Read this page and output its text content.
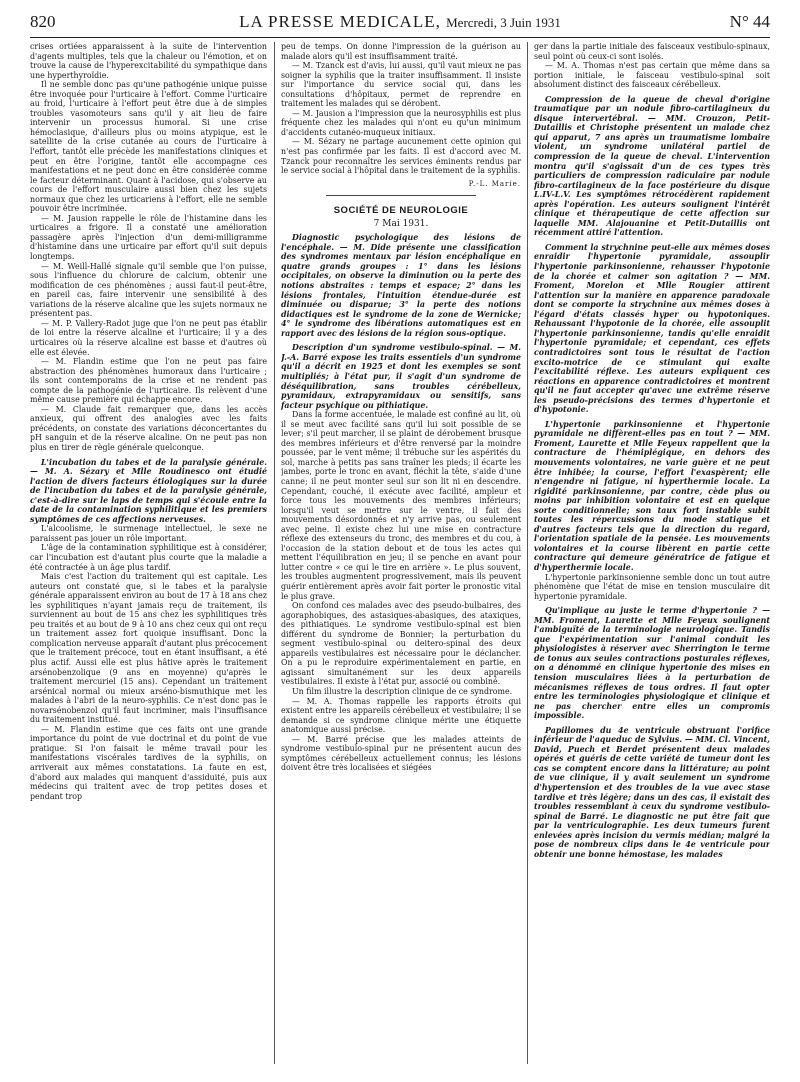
820	LA PRESSE MEDICALE, Mercredi, 3 Juin 1931	N° 44

crises ortiées apparaissent à la suite de l'intervention d'agents multiples, tels que la chaleur ou l'émotion, et on trouve la cause de l'hyperexcitabilité du sympathique dans une hyperthyroïdie.

Il ne semble donc pas qu'une pathogénie unique puisse être invoquée pour l'urticaire à l'effort. Comme l'urticaire au froid, l'urticaire à l'effort peut être due à de simples troubles vasomoteurs sans qu'il y ait lieu de faire intervenir un processus humoral. Si une crise hémoclasique, d'ailleurs plus ou moins atypique, est le satellite de la crise cutanée au cours de l'urticaire à l'effort, tantôt elle précède les manifestations cliniques et peut en être l'origine, tantôt elle accompagne ces manifestations et ne peut donc en être considérée comme le facteur déterminant. Quant à l'acidose, qui s'observe au cours de l'effort musculaire aussi bien chez les sujets normaux que chez les urticariens à l'effort, elle ne semble pouvoir être incriminée.

— M. Jausion rappelle le rôle de l'histamine dans les urticaires a frigore. Il a constaté une amélioration passagère après l'injection d'un demi-milligramme d'histamine dans une urticaire par effort qu'il suit depuis longtemps.

— M. Weill-Hallé signale qu'il semble que l'on puisse, sous l'influence du chlorure de calcium, obtenir une modification de ces phénomènes ; aussi faut-il peut-être, en pareil cas, faire intervenir une sensibilité à des variations de la réserve alcaline que les sujets normaux ne présentent pas.

— M. P. Vallery-Radot juge que l'on ne peut pas établir de loi entre la réserve alcaline et l'urticaire; il y a des urticaires où la réserve alcaline est basse et d'autres où elle est élevée.

— M. Flandin estime que l'on ne peut pas faire abstraction des phénomènes humoraux dans l'urticaire ; ils sont contemporains de la crise et ne rendent pas compte de la pathogénie de l'urticaire. Ils relèvent d'une même cause première qui échappe encore.

— M. Claude fait remarquer que, dans les accès anxieux, qui offrent des analogies avec les faits précédents, on constate des variations déconcertantes du pH sanguin et de la réserve alcaline. On ne peut pas non plus en tirer de règle générale quelconque.

L'incubation du tabes et de la paralysie générale. — M. A. Sézary et Mlle Roudinesco ont étudié l'action de divers facteurs étiologiques sur la durée de l'incubation du tabes et de la paralysie générale, c'est-à-dire sur le laps de temps qui s'écoule entre la date de la contamination syphilitique et les premiers symptômes de ces affections nerveuses.

L'alcoolisme, le surmenage intellectuel, le sexe ne paraissent pas jouer un rôle important.

L'âge de la contamination syphilitique est à considérer, car l'incubation est d'autant plus courte que la maladie a été contractée à un âge plus tardif.

Mais c'est l'action du traitement qui est capitale. Les auteurs ont constaté que, si le tabes et la paralysie générale apparaissent environ au bout de 17 à 18 ans chez les syphilitiques n'ayant jamais reçu de traitement, ils surviennent au bout de 15 ans chez les syphilitiques très peu traités et au bout de 9 à 10 ans chez ceux qui ont reçu un traitement assez fort quoique insuffisant. Donc la complication nerveuse apparaît d'autant plus précocement que le traitement précoce, tout en étant insuffisant, a été plus actif. Aussi elle est plus hâtive après le traitement arsénobenzolique (9 ans en moyenne) qu'après le traitement mercuriel (15 ans). Cependant un traitement arsénical normal ou mieux arséno-bismuthique met les malades à l'abri de la neuro-syphilis. Ce n'est donc pas le novarsénobenzol qu'il faut incriminer, mais l'insuffisance du traitement institué.

— M. Flandin estime que ces faits ont une grande importance du point de vue doctrinal et du point de vue pratique. Si l'on faisait le même travail pour les manifestations viscérales tardives de la syphilis, on arriverait aux mêmes constatations. La faute en est, d'abord aux malades qui manquent d'assiduité, puis aux médecins qui traitent avec de trop petites doses et pendant trop

peu de temps. On donne l'impression de la guérison au malade alors qu'il est insuffisamment traité.

— M. Tzanck est d'avis, lui aussi, qu'il vaut mieux ne pas soigner la syphilis que la traiter insuffisamment. Il insiste sur l'importance du service social qui, dans les consultations d'hôpitaux, permet de reprendre en traitement les malades qui se dérobent.

— M. Jausion a l'impression que la neurosyphilis est plus fréquente chez les malades qui n'ont eu qu'un minimum d'accidents cutanéo-muqueux initiaux.

— M. Sézary ne partage aucunement cette opinion qui n'est pas confirmée par les faits. Il est d'accord avec M. Tzanck pour reconnaître les services éminents rendus par le service social à l'hôpital dans le traitement de la syphilis.

P.-L. Marie.
SOCIÉTÉ DE NEUROLOGIE
7 Mai 1931.

Diagnostic psychologique des lésions de l'encéphale. — M. Dide présente une classification des syndromes mentaux par lésion encéphalique en quatre grands groupes : 1° dans les lésions occipitales, on observe la diminution ou la perte des notions abstraites : temps et espace; 2° dans les lésions frontales, l'intuition étendue-durée est diminuée ou disparue; 3° la perte des notions didactiques est le syndrome de la zone de Wernicke; 4° le syndrome des libérations automatiques est en rapport avec des lésions de la région sous-optique.

Description d'un syndrome vestibulo-spinal. — M. J.-A. Barré expose les traits essentiels d'un syndrome qu'il a décrit en 1925 et dont les exemples se sont multipliés; à l'état pur, il s'agit d'un syndrome de déséquilibration, sans troubles cérébelleux, pyramidaux, extrapyramidaux ou sensitifs, sans facteur psychique ou pithiatique.

Dans la forme accentuée, le malade est confiné au lit, où il se meut avec facilité sans qu'il lui soit possible de se lever; s'il peut marcher, il se plaint de dérobement brusque des membres inférieurs et d'être renversé par la moindre poussée, par le vent même; il trébuche sur les aspérités du sol, marche à petits pas sans traîner les pieds; il écarte les jambes, porte le tronc en avant, fléchit la tête, s'aide d'une canne; il ne peut monter seul sur son lit ni en descendre. Cependant, couché, il exécute avec facilité, ampleur et force tous les mouvements des membres inférieurs; lorsqu'il veut se mettre sur le ventre, il fait des mouvements désordonnés et n'y arrive pas, ou seulement avec peine. Il existe chez lui une mise en contracture réflexe des extenseurs du tronc, des membres et du cou, à l'occasion de la station debout et de tous les actes qui mettent l'équilibration en jeu; il se penche en avant pour lutter contre « ce qui le tire en arrière ». Le plus souvent, les troubles augmentent progressivement, mais ils peuvent guérir entièrement après avoir fait porter le pronostic vital le plus grave.

On confond ces malades avec des pseudo-bulbaires, des agoraphobiques, des astasiques-abasiques, des ataxiques, des pithiatiques. Le syndrome vestibulo-spinal est bien différent du syndrome de Bonnier; la perturbation du segment vestibulo-spinal ou deitero-spinal des deux appareils vestibulaires est nécessaire pour le déclancher. On a pu le reproduire expérimentalement en partie, en agissant simultanément sur les deux appareils vestibulaires. Il existe à l'état pur, associé ou combiné.

Un film illustre la description clinique de ce syndrome.

— M. A. Thomas rappelle les rapports étroits qui existent entre les appareils cérébelleux et vestibulaire; il se demande si ce syndrome clinique mérite une étiquette anatomique aussi précise.

— M. Barré précise que les malades atteints de syndrome vestibulo-spinal pur ne présentent aucun des symptômes cérébelleux actuellement connus; les lésions doivent être très localisées et siégées

ger dans la partie initiale des faisceaux vestibulo-spinaux, seul point où ceux-ci sont isolés.

— M. A. Thomas n'est pas certain que même dans sa portion initiale, le faisceau vestibulo-spinal soit absolument distinct des faisceaux cérébelleux.

Compression de la queue de cheval d'origine traumatique par un nodule fibro-cartilagineux du disque intervertébral. — MM. Crouzon, Petit-Dutaillis et Christophe présentent un malade chez qui apparut, 7 ans après un traumatisme lombaire violent, un syndrome unilatéral partiel de compression de la queue de cheval. L'intervention montra qu'il s'agissait d'un de ces types très particuliers de compression radiculaire par nodule fibro-cartilagineux de la face postérieure du disque L.IV-L.V. Les symptômes rétrocédèrent rapidement après l'opération. Les auteurs soulignent l'intérêt clinique et thérapeutique de cette affection sur laquelle MM. Alajouanine et Petit-Dutaillis ont récemment attiré l'attention.

Comment la strychnine peut-elle aux mêmes doses enraidir l'hypertonie pyramidale, assouplir l'hypertonie parkinsonienne, rehausser l'hypotonie de la chorée et calmer son agitation ? — MM. Froment, Morelon et Mlle Rougier attirent l'attention sur la manière en apparence paradoxale dont se comporte la strychnine aux mêmes doses à l'égard d'états classés hyper ou hypotoniques. Rehaussant l'hypotonie de la chorée, elle assouplit l'hypertonie parkinsonienne, tandis qu'elle enraidit l'hypertonie pyramidale; et cependant, ces effets contradictoires sont tous le résultat de l'action excito-motrice de ce stimulant qui exalte l'excitabilité réflexe. Les auteurs expliquent ces réactions en apparence contradictoires et montrent qu'il ne faut accepter qu'avec une extrême réserve les pseudo-précisions des termes d'hypertonie et d'hypotonie.

L'hypertonie parkinsonienne et l'hypertonie pyramidale ne diffèrent-elles pas en tout ? — MM. Froment, Laurette et Mlle Feyeux rappellent que la contracture de l'hémiplégique, en dehors des mouvements volontaires, ne varie guère et ne peut être inhibée; la course, l'effort l'exaspèrent; elle n'engendre ni fatigue, ni hyperthermie locale. La rigidité parkinsonienne, par contre, cède plus ou moins par inhibition volontaire et est en quelque sorte conditionnelle; son taux fort instable subit toutes les répercussions du mode statique et d'autres facteurs tels que la direction du regard, l'orientation spatiale de la pensée. Les mouvements volontaires et la course libèrent en partie cette contracture qui demeure génératrice de fatigue et d'hyperthermie locale.

L'hypertonie parkinsonienne semble donc un tout autre phénomène que l'état de mise en tension musculaire dit hypertonie pyramidale.

Qu'implique au juste le terme d'hypertonie ? — MM. Froment, Laurette et Mlle Feyeux soulignent l'ambiguïté de la terminologie neurologique. Tandis que l'expérimentation sur l'animal conduit les physiologistes à réserver avec Sherrington le terme de tonus aux seules contractions posturales réflexes, on a dénommé en clinique hypertonie des mises en tension musculaires liées à la perturbation de mécanismes réflexes de tous ordres. Il faut opter entre les terminologies physiologique et clinique et ne pas chercher entre elles un compromis impossible.

Papillomes du 4e ventricule obstruant l'orifice inférieur de l'aqueduc de Sylvius. — MM. Cl. Vincent, David, Puech et Berdet présentent deux malades opérés et guéris de cette variété de tumeur dont les cas se comptent encore dans la littérature; au point de vue clinique, il y avait seulement un syndrome d'hypertension et des troubles de la vue avec stase tardive et très légère; dans un des cas, il existait des troubles ressemblant à ceux du syndrome vestibulo-spinal de Barré. Le diagnostic ne put être fait que par la ventriculographie. Les deux tumeurs furent enlevées après incision du vermis médian; malgré la pose de nombreux clips dans le 4e ventricule pour obtenir une bonne hémostase, les malades
